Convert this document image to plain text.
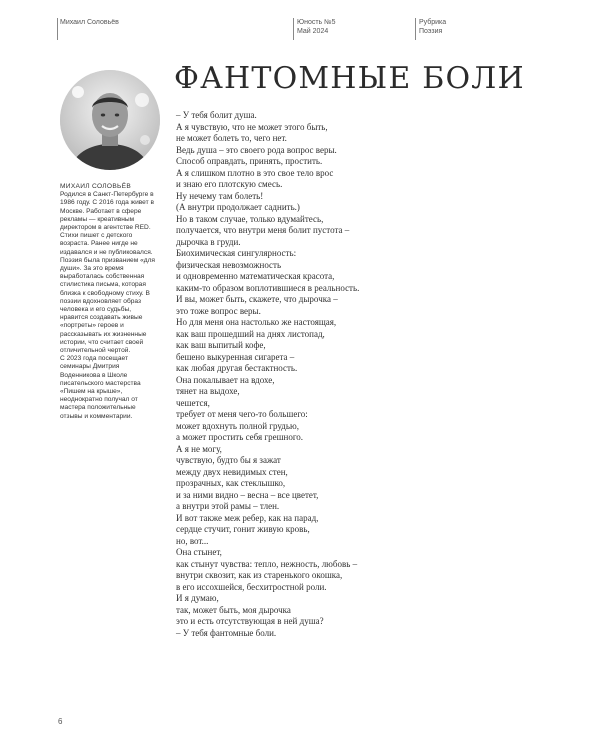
Михаил Соловьёв	Юность №5
Май 2024
Рубрика
Поэзия

МИХАИЛ СОЛОВЬЁВ

Родился в Санкт-Петербурге в 1986 году. С 2016 года живет в Москве. Работает в сфере рекламы — креативным директором в агентстве RED.

Стихи пишет с детского возраста. Ранее нигде не издавался и не публиковался. Поэзия была призванием «для души». За это время выработалась собственная стилистика письма, которая близка к свободному стиху. В поэзии вдохновляет образ человека и его судьбы, нравится создавать живые «портреты» героев и рассказывать их жизненные истории, что считает своей отличительной чертой.

С 2023 года посещает семинары Дмитрия Воденникова в Школе писательского мастерства «Пишем на крыше», неоднократно получал от мастера положительные отзывы и комментарии.

ФАНТОМНЫЕ БОЛИ
– У тебя болит душа.
А я чувствую, что не может этого быть,
не может болеть то, чего нет.
Ведь душа – это своего рода вопрос веры.
Способ оправдать, принять, простить.
А я слишком плотно в это свое тело врос
и знаю его плотскую смесь.
Ну нечему там болеть!
(А внутри продолжает саднить.)
Но в таком случае, только вдумайтесь,
получается, что внутри меня болит пустота –
дырочка в груди.
Биохимическая сингулярность:
физическая невозможность
и одновременно математическая красота,
каким-то образом воплотившиеся в реальность.
И вы, может быть, скажете, что дырочка –
это тоже вопрос веры.
Но для меня она настолько же настоящая,
как ваш прошедший на днях листопад,
как ваш выпитый кофе,
бешено выкуренная сигарета –
как любая другая бестактность.
Она покалывает на вдохе,
тянет на выдохе,
чешется,
требует от меня чего-то большего:
может вдохнуть полной грудью,
а может простить себя грешного.
А я не могу,
чувствую, будто бы я зажат
между двух невидимых стен,
прозрачных, как стеклышко,
и за ними видно – весна – все цветет,
а внутри этой рамы – тлен.
И вот также меж ребер, как на парад,
сердце стучит, гонит живую кровь,
но, вот...
Она стынет,
как стынут чувства: тепло, нежность, любовь –
внутри сквозит, как из старенького окошка,
в его иссохшейся, бесхитростной роли.
И я думаю,
так, может быть, моя дырочка
это и есть отсутствующая в ней душа?
– У тебя фантомные боли.
6
